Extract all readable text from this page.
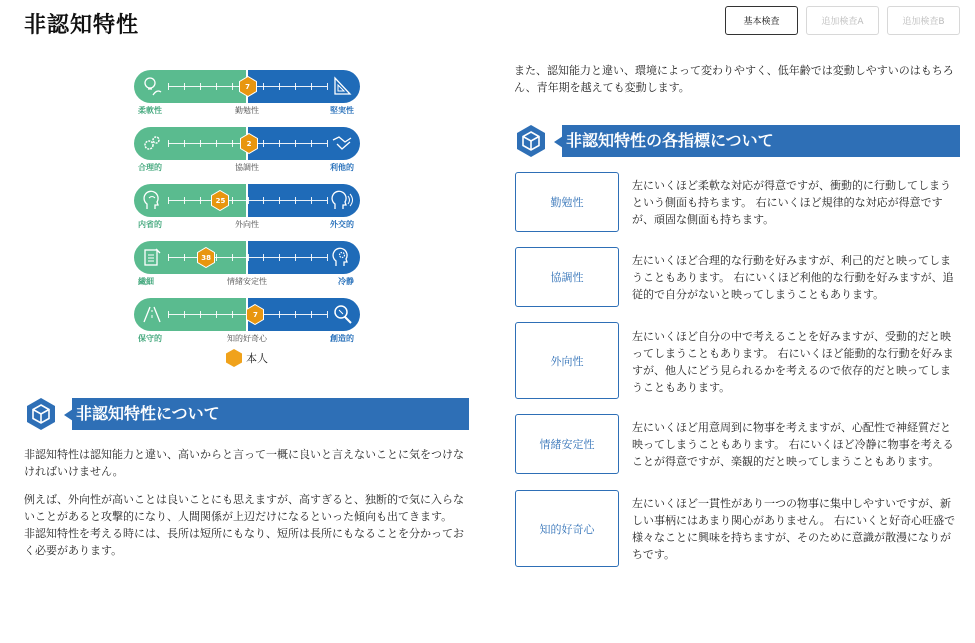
非認知特性	基本検査	追加検査A	追加検査B
7
柔軟性	勤勉性	堅実性
2
合理的	協調性	利他的
25
内省的	外向性	外交的
38
繊細	情緒安定性	冷静
7
保守的	知的好奇心	創造的
本人
非認知特性について

非認知特性は認知能力と違い、高いからと言って一概に良いと言えないことに気をつけなければいけません。

例えば、外向性が高いことは良いことにも思えますが、高すぎると、独断的で気に入らないことがあると攻撃的になり、人間関係が上辺だけになるといった傾向も出てきます。

非認知特性を考える時には、長所は短所にもなり、短所は長所にもなることを分かっておく必要があります。

また、認知能力と違い、環境によって変わりやすく、低年齢では変動しやすいのはもちろん、青年期を越えても変動します。
非認知特性の各指標について
勤勉性
左にいくほど柔軟な対応が得意ですが、衝動的に行動してしまうという側面も持ちます。 右にいくほど規律的な対応が得意ですが、頑固な側面も持ちます。
協調性
左にいくほど合理的な行動を好みますが、利己的だと映ってしまうこともあります。 右にいくほど利他的な行動を好みますが、追従的で自分がないと映ってしまうこともあります。
外向性
左にいくほど自分の中で考えることを好みますが、受動的だと映ってしまうこともあります。 右にいくほど能動的な行動を好みますが、他人にどう見られるかを考えるので依存的だと映ってしまうこともあります。
情緒安定性
左にいくほど用意周到に物事を考えますが、心配性で神経質だと映ってしまうこともあります。 右にいくほど冷静に物事を考えることが得意ですが、楽観的だと映ってしまうこともあります。
知的好奇心
左にいくほど一貫性があり一つの物事に集中しやすいですが、新しい事柄にはあまり関心がありません。 右にいくと好奇心旺盛で様々なことに興味を持ちますが、そのために意識が散漫になりがちです。
